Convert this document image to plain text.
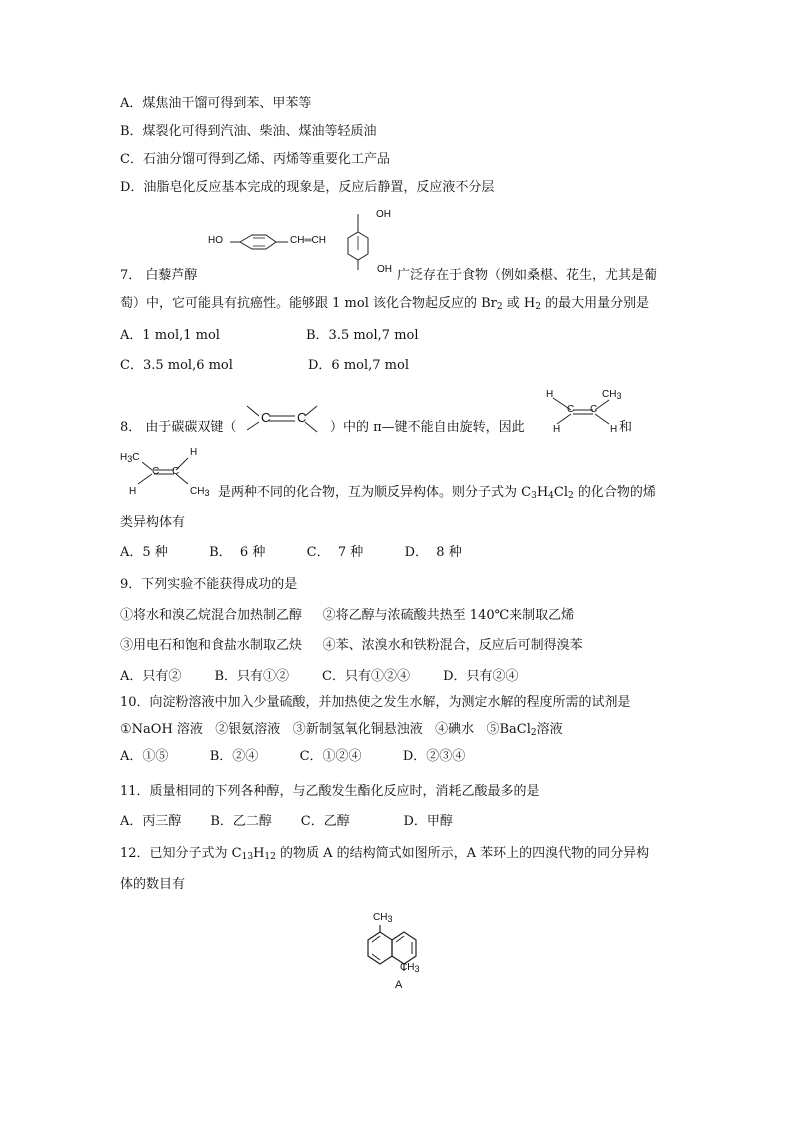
A．煤焦油干馏可得到苯、甲苯等
B．煤裂化可得到汽油、柴油、煤油等轻质油
C．石油分馏可得到乙烯、丙烯等重要化工产品
D．油脂皂化反应基本完成的现象是，反应后静置，反应液不分层
HO	CH═CH
OH
OH
7． 白藜芦醇	广泛存在于食物（例如桑椹、花生，尤其是葡
萄）中，它可能具有抗癌性。能够跟 1 mol 该化合物起反应的 $Br_2$ 或 $H_2$ 的最大用量分别是
A．1 mol,1 mol	B．3.5 mol,7 mol
C．3.5 mol,6 mol	D．6 mol,7 mol
8． 由于碳碳双键（
C C
）中的 π—键不能自由旋转，因此
H	$CH_3$
C C
H	H 和
$H_3C$	H
C C
H	$CH_3$ 是两种不同的化合物，互为顺反异构体。则分子式为 $C_3H_4Cl_2$ 的化合物的烯
类异构体有
A．5 种          B．  6 种          C．  7 种          D．  8 种
9．下列实验不能获得成功的是
①将水和溴乙烷混合加热制乙醇     ②将乙醇与浓硫酸共热至 140℃来制取乙烯
③用电石和饱和食盐水制取乙炔     ④苯、浓溴水和铁粉混合，反应后可制得溴苯
A．只有②        B．只有①②        C．只有①②④        D．只有②④
10．向淀粉溶液中加入少量硫酸，并加热使之发生水解，为测定水解的程度所需的试剂是
①NaOH 溶液   ②银氨溶液   ③新制氢氧化铜悬浊液   ④碘水   ⑤BaCl$_2$溶液
A．①⑤          B．②④          C．①②④          D．②③④
11．质量相同的下列各种醇，与乙酸发生酯化反应时，消耗乙酸最多的是
A．丙三醇       B．乙二醇       C．乙醇             D．甲醇
12．已知分子式为 $C_{13}H_{12}$ 的物质 A 的结构简式如图所示，A 苯环上的四溴代物的同分异构
体的数目有
$CH_3$
$CH_3$
A
